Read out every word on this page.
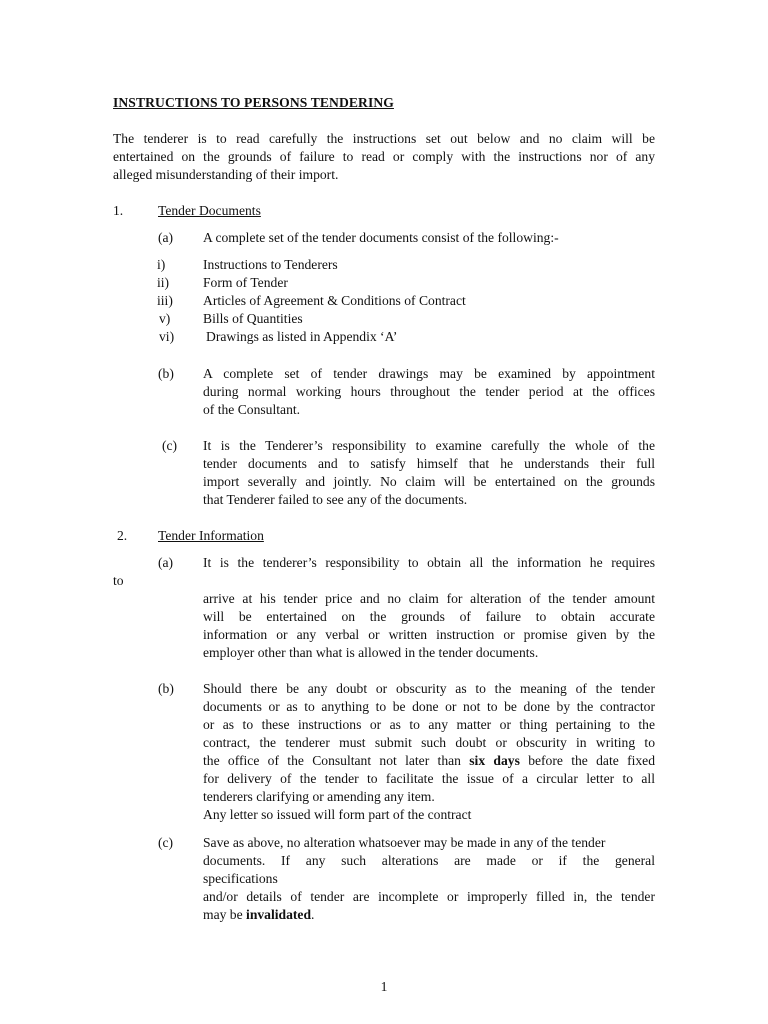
INSTRUCTIONS TO PERSONS TENDERING
The tenderer is to read carefully the instructions set out below and no claim will be
entertained on the grounds of failure to read or comply with the instructions nor of any
alleged misunderstanding of their import.
1.	Tender Documents
(a) A complete set of the tender documents consist of the following:-
i)	Instructions to Tenderers
ii) Form of Tender
iii) Articles of Agreement & Conditions of Contract
v) Bills of Quantities
vi) Drawings as listed in Appendix ‘A’
(b) A complete set of tender drawings may be examined by appointment
during normal working hours throughout the tender period at the offices
of the Consultant.
(c) It is the Tenderer’s responsibility to examine carefully the whole of the
tender documents and to satisfy himself that he understands their full
import severally and jointly. No claim will be entertained on the grounds
that Tenderer failed to see any of the documents.
2. Tender Information
(a) It is the tenderer’s responsibility to obtain all the information he requires
to
arrive at his tender price and no claim for alteration of the tender amount
will be entertained on the grounds of failure to obtain accurate
information or any verbal or written instruction or promise given by the
employer other than what is allowed in the tender documents.
(b) Should there be any doubt or obscurity as to the meaning of the tender
documents or as to anything to be done or not to be done by the contractor
or as to these instructions or as to any matter or thing pertaining to the
contract, the tenderer must submit such doubt or obscurity in writing to
the office of the Consultant not later than six days before the date fixed
for delivery of the tender to facilitate the issue of a circular letter to all
tenderers clarifying or amending any item.
Any letter so issued will form part of the contract
(c) Save as above, no alteration whatsoever may be made in any of the tender
documents. If any such alterations are made or if the general
specifications
and/or details of tender are incomplete or improperly filled in, the tender
may be invalidated.
1
